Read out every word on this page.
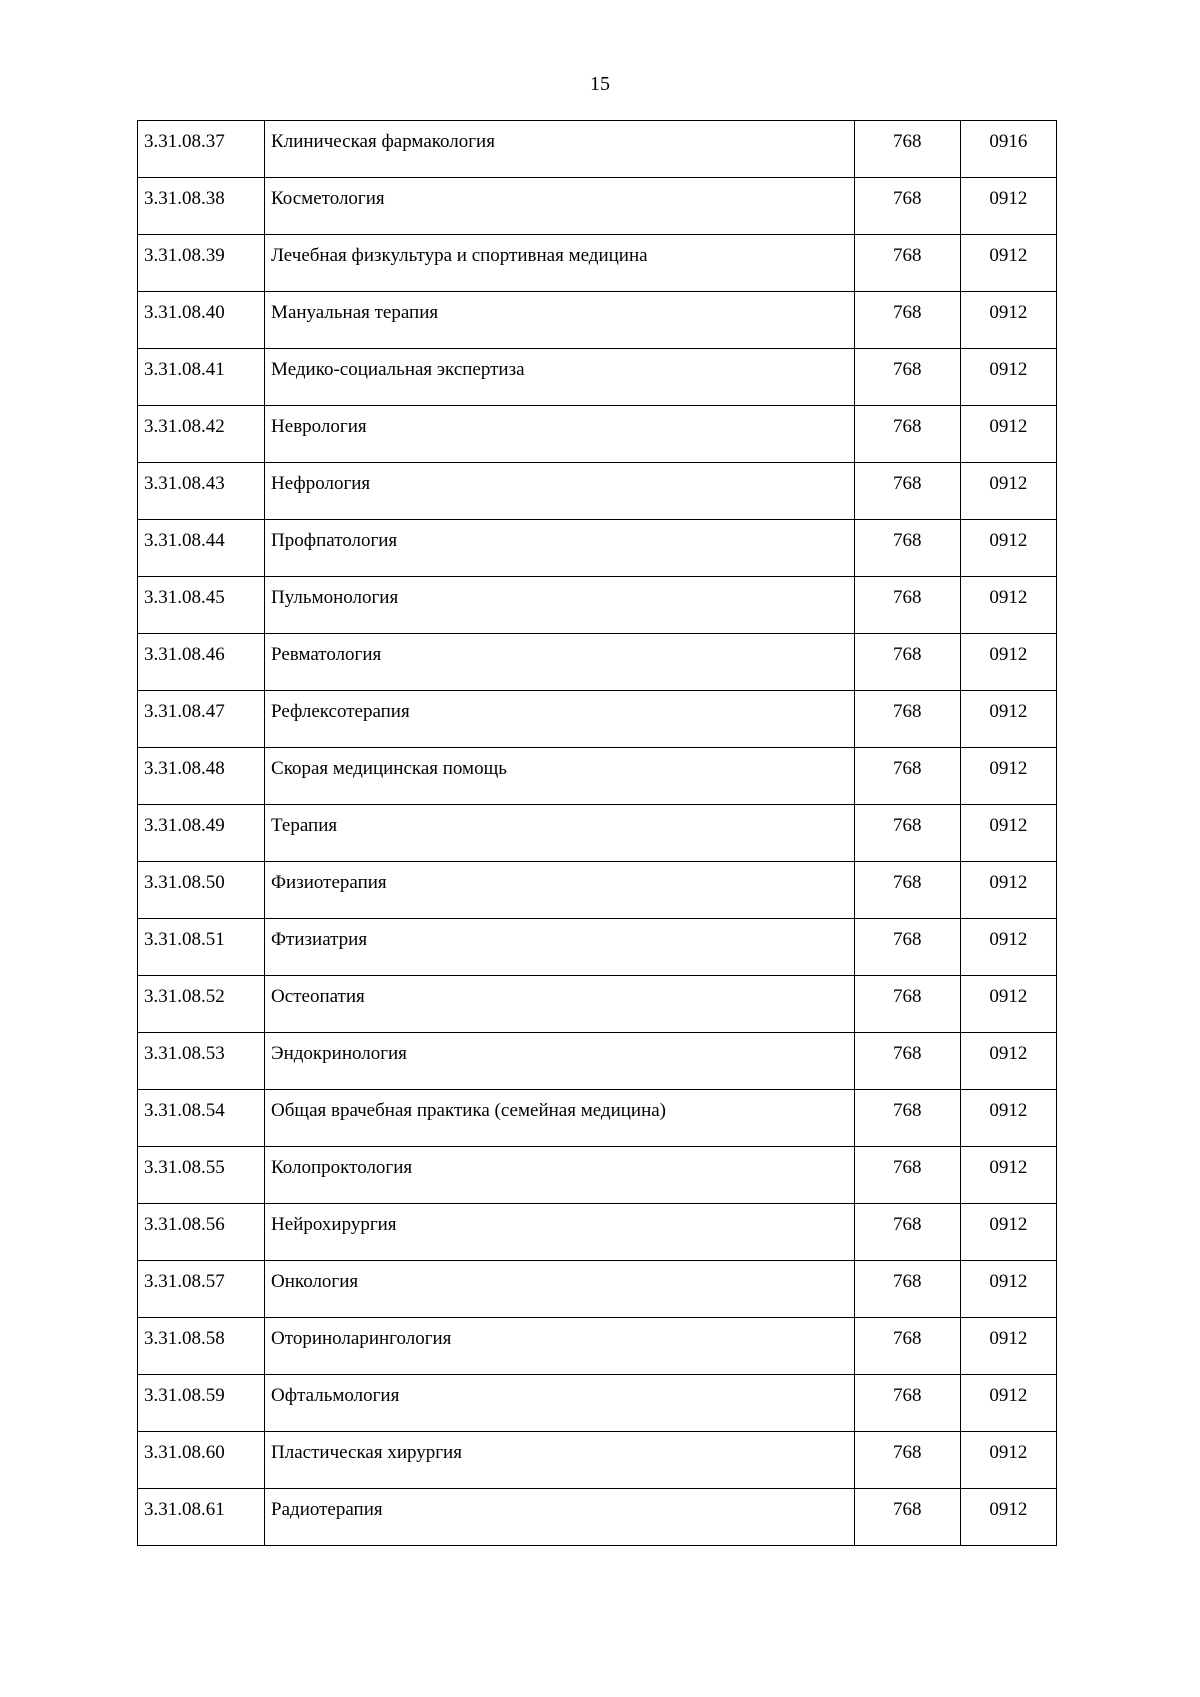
15
3.31.08.37	Клиническая фармакология	768	0916

3.31.08.38	Косметология	768	0912

3.31.08.39	Лечебная физкультура и спортивная медицина	768	0912

3.31.08.40	Мануальная терапия	768	0912

3.31.08.41	Медико-социальная экспертиза	768	0912

3.31.08.42	Неврология	768	0912

3.31.08.43	Нефрология	768	0912

3.31.08.44	Профпатология	768	0912

3.31.08.45	Пульмонология	768	0912

3.31.08.46	Ревматология	768	0912

3.31.08.47	Рефлексотерапия	768	0912

3.31.08.48	Скорая медицинская помощь	768	0912

3.31.08.49	Терапия	768	0912

3.31.08.50	Физиотерапия	768	0912

3.31.08.51	Фтизиатрия	768	0912

3.31.08.52	Остеопатия	768	0912

3.31.08.53	Эндокринология	768	0912

3.31.08.54	Общая врачебная практика (семейная медицина)	768	0912

3.31.08.55	Колопроктология	768	0912

3.31.08.56	Нейрохирургия	768	0912

3.31.08.57	Онкология	768	0912

3.31.08.58	Оториноларингология	768	0912

3.31.08.59	Офтальмология	768	0912

3.31.08.60	Пластическая хирургия	768	0912

3.31.08.61	Радиотерапия	768	0912
